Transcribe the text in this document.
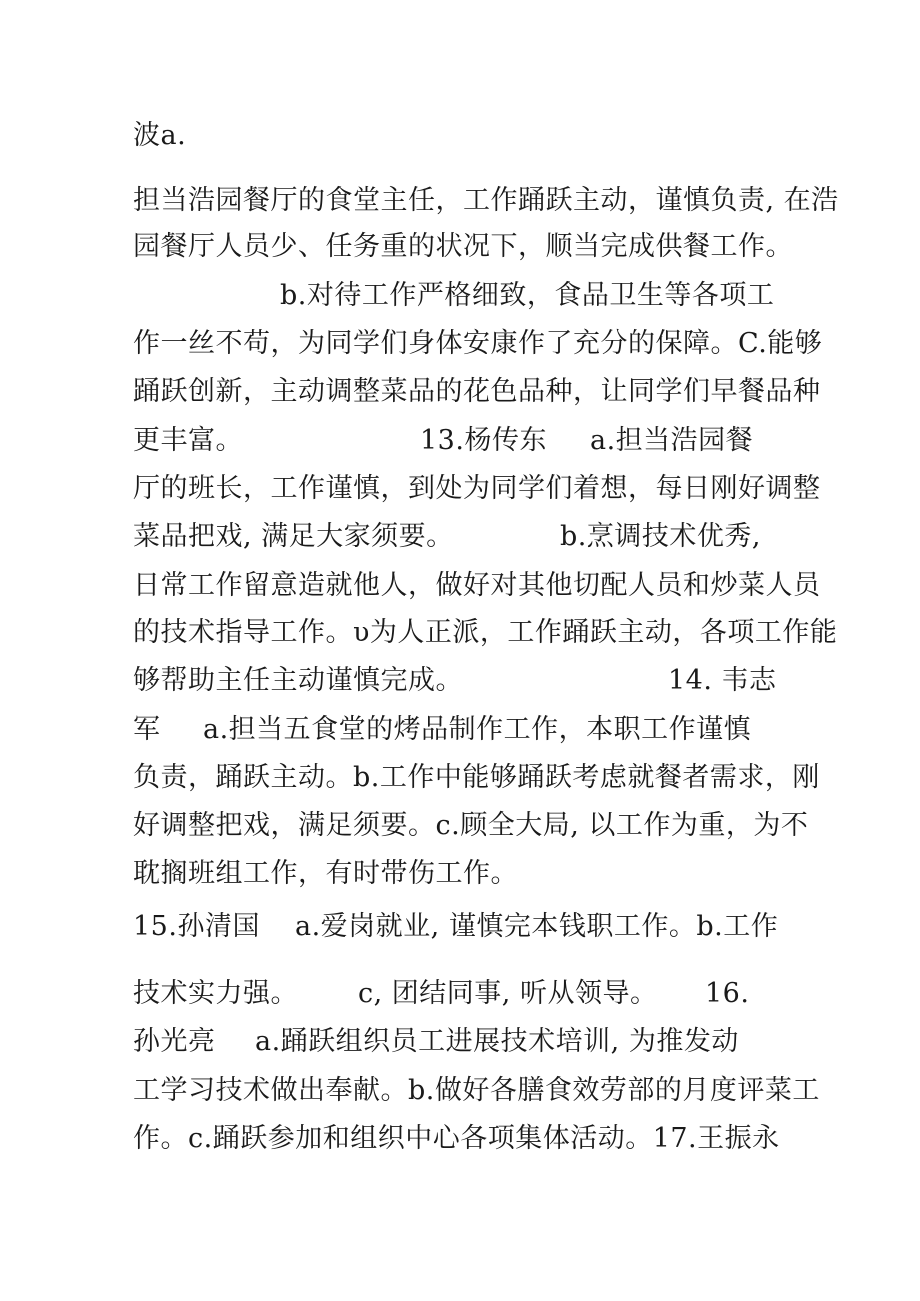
波a.
担当浩园餐厅的食堂主任，工作踊跃主动，谨慎负责, 在浩
园餐厅人员少、任务重的状况下，顺当完成供餐工作。
b.对待工作严格细致，食品卫生等各项工
作一丝不苟，为同学们身体安康作了充分的保障。C.能够
踊跃创新，主动调整菜品的花色品种，让同学们早餐品种
更丰富。	13.杨传东	a.担当浩园餐
厅的班长，工作谨慎，到处为同学们着想，每日刚好调整
菜品把戏, 满足大家须要。	b.烹调技术优秀,
日常工作留意造就他人，做好对其他切配人员和炒菜人员
的技术指导工作。υ为人正派，工作踊跃主动，各项工作能
够帮助主任主动谨慎完成。	14. 韦志
军	a.担当五食堂的烤品制作工作，本职工作谨慎
负责，踊跃主动。b.工作中能够踊跃考虑就餐者需求，刚
好调整把戏，满足须要。c.顾全大局, 以工作为重，为不
耽搁班组工作，有时带伤工作。
15.孙清国	a.爱岗就业, 谨慎完本钱职工作。b.工作
技术实力强。	c, 团结同事, 听从领导。	16.
孙光亮	a.踊跃组织员工进展技术培训, 为推发动
工学习技术做出奉献。b.做好各膳食效劳部的月度评菜工
作。c.踊跃参加和组织中心各项集体活动。17.王振永
